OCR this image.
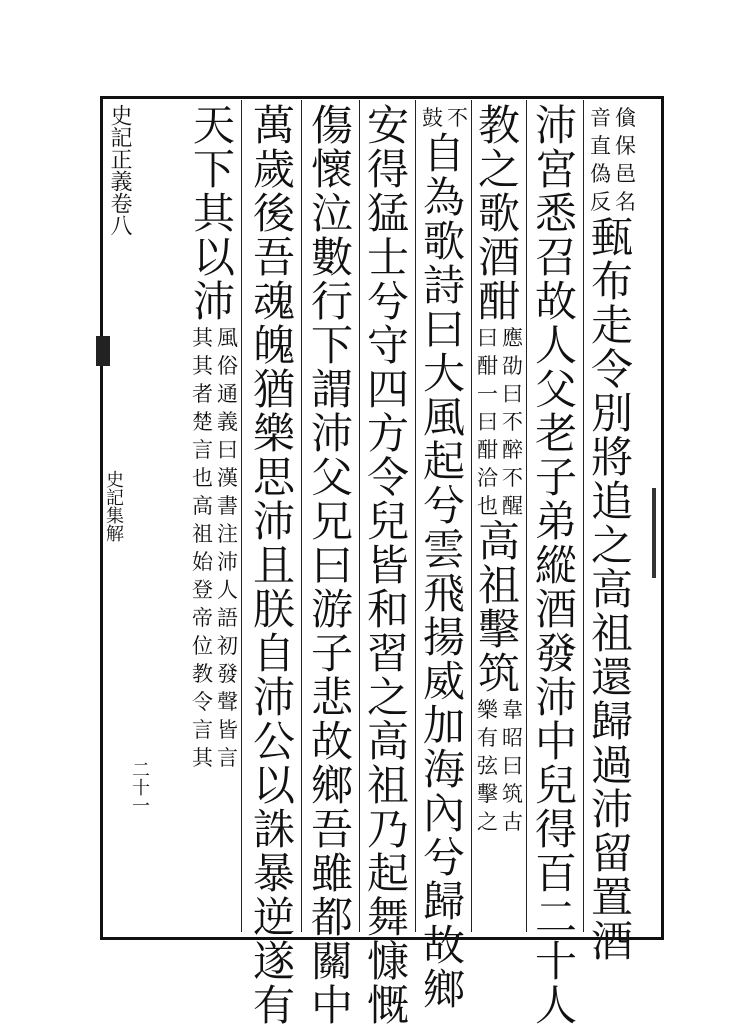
史記正義卷八
史記集解
二十一
僋
保
邑
名
音
直
偽
反
甀
布
走
令
別
將
追
之
高
祖
還
歸
過
沛
留
置
酒
沛
宮
悉
召
故
人
父
老
子
弟
縱
酒
發
沛
中
兒
得
百
二
十
人
教
之
歌
酒
酣
應
劭
曰
不
醉
不
醒
曰
酣
一
曰
酣
洽
也
高
祖
擊
筑
韋
昭
曰
筑
古
樂
有
弦
擊
之
不
鼓
自
為
歌
詩
曰
大
風
起
兮
雲
飛
揚
威
加
海
內
兮
歸
故
鄉
安
得
猛
士
兮
守
四
方
令
兒
皆
和
習
之
高
祖
乃
起
舞
慷
慨
傷
懷
泣
數
行
下
謂
沛
父
兄
曰
游
子
悲
故
鄉
吾
雖
都
關
中
萬
歲
後
吾
魂
魄
猶
樂
思
沛
且
朕
自
沛
公
以
誅
暴
逆
遂
有
天
下
其
以
沛
風
俗
通
義
曰
漢
書
注
沛
人
語
初
發
聲
皆
言
其
其
者
楚
言
也
高
祖
始
登
帝
位
教
令
言
其
